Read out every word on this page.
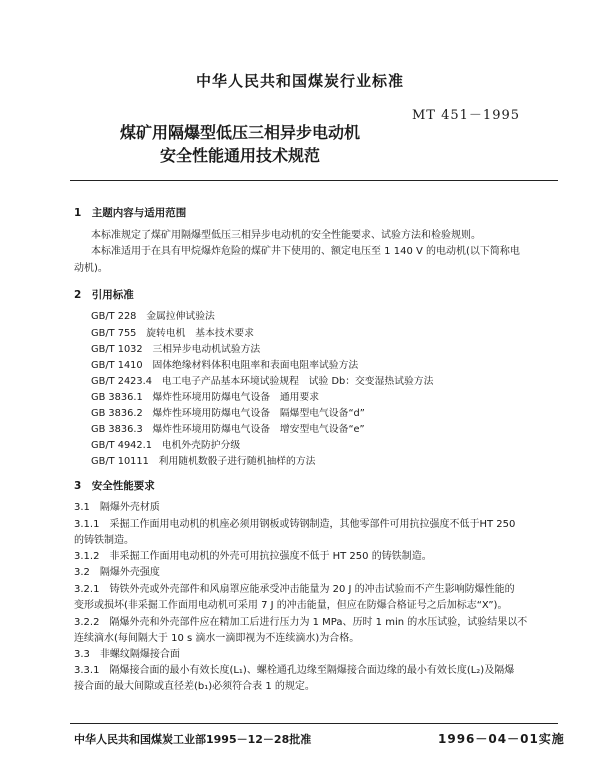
中华人民共和国煤炭行业标准
MT 451－1995
煤矿用隔爆型低压三相异步电动机
安全性能通用技术规范
1　主题内容与适用范围
本标准规定了煤矿用隔爆型低压三相异步电动机的安全性能要求、试验方法和检验规则。
本标准适用于在具有甲烷爆炸危险的煤矿井下使用的、额定电压至 1 140 V 的电动机(以下简称电
动机)。
2　引用标准
GB/T 228　金属拉伸试验法
GB/T 755　旋转电机　基本技术要求
GB/T 1032　三相异步电动机试验方法
GB/T 1410　固体绝缘材料体积电阻率和表面电阻率试验方法
GB/T 2423.4　电工电子产品基本环境试验规程　试验 Db：交变湿热试验方法
GB 3836.1　爆炸性环境用防爆电气设备　通用要求
GB 3836.2　爆炸性环境用防爆电气设备　隔爆型电气设备“d”
GB 3836.3　爆炸性环境用防爆电气设备　增安型电气设备“e”
GB/T 4942.1　电机外壳防护分级
GB/T 10111　利用随机数骰子进行随机抽样的方法
3　安全性能要求
3.1　隔爆外壳材质
3.1.1　采掘工作面用电动机的机座必须用钢板或铸钢制造，其他零部件可用抗拉强度不低于HT 250
的铸铁制造。
3.1.2　非采掘工作面用电动机的外壳可用抗拉强度不低于 HT 250 的铸铁制造。
3.2　隔爆外壳强度
3.2.1　铸铁外壳或外壳部件和风扇罩应能承受冲击能量为 20 J 的冲击试验而不产生影响防爆性能的
变形或损坏(非采掘工作面用电动机可采用 7 J 的冲击能量，但应在防爆合格证号之后加标志“X”)。
3.2.2　隔爆外壳和外壳部件应在精加工后进行压力为 1 MPa、历时 1 min 的水压试验，试验结果以不
连续滴水(每间隔大于 10 s 滴水一滴即视为不连续滴水)为合格。
3.3　非螺纹隔爆接合面
3.3.1　隔爆接合面的最小有效长度(L₁)、螺栓通孔边缘至隔爆接合面边缘的最小有效长度(L₂)及隔爆
接合面的最大间隙或直径差(b₁)必须符合表 1 的规定。
中华人民共和国煤炭工业部1995－12－28批准	1996－04－01实施
